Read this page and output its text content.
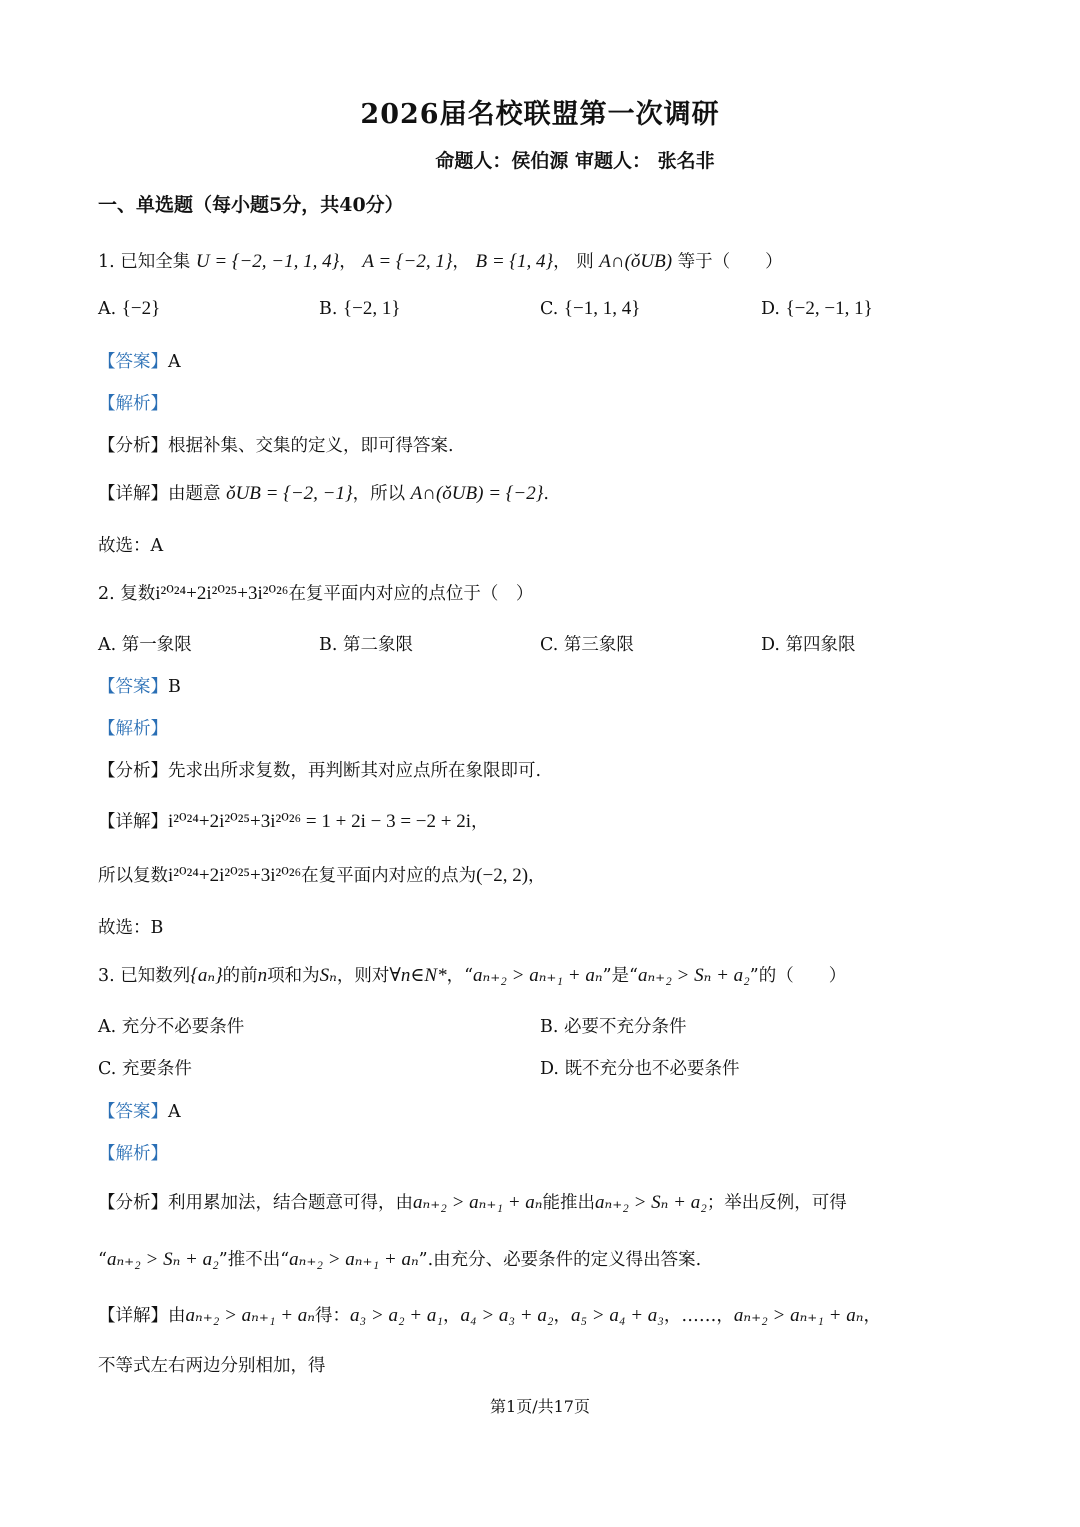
2026届名校联盟第一次调研
命题人：侯伯源 审题人： 张名非
一、单选题（每小题5分，共40分）
1. 已知全集 U = {−2, −1, 1, 4}， A = {−2, 1}， B = {1, 4}， 则 A∩(ǒUB) 等于（　　）
A. {−2}	B. {−2, 1}	C. {−1, 1, 4}	D. {−2, −1, 1}
【答案】A
【解析】
【分析】根据补集、交集的定义，即可得答案.
【详解】由题意 ǒUB = {−2, −1}，所以 A∩(ǒUB) = {−2}.
故选：A
2. 复数i²⁰²⁴+2i²⁰²⁵+3i²⁰²⁶在复平面内对应的点位于（　）
A. 第一象限	B. 第二象限	C. 第三象限	D. 第四象限
【答案】B
【解析】
【分析】先求出所求复数，再判断其对应点所在象限即可.
【详解】i²⁰²⁴+2i²⁰²⁵+3i²⁰²⁶ = 1 + 2i − 3 = −2 + 2i，
所以复数i²⁰²⁴+2i²⁰²⁵+3i²⁰²⁶在复平面内对应的点为(−2, 2)，
故选：B
3. 已知数列{aₙ}的前n项和为Sₙ，则对∀n∈N*，“aₙ₊₂ > aₙ₊₁ + aₙ”是“aₙ₊₂ > Sₙ + a₂”的（　　）
A. 充分不必要条件	B. 必要不充分条件
C. 充要条件	D. 既不充分也不必要条件
【答案】A
【解析】
【分析】利用累加法，结合题意可得，由aₙ₊₂ > aₙ₊₁ + aₙ能推出aₙ₊₂ > Sₙ + a₂；举出反例，可得
“aₙ₊₂ > Sₙ + a₂”推不出“aₙ₊₂ > aₙ₊₁ + aₙ”.由充分、必要条件的定义得出答案.
【详解】由aₙ₊₂ > aₙ₊₁ + aₙ得：a₃ > a₂ + a₁，a₄ > a₃ + a₂，a₅ > a₄ + a₃，……，aₙ₊₂ > aₙ₊₁ + aₙ，
不等式左右两边分别相加，得
第1页/共17页
